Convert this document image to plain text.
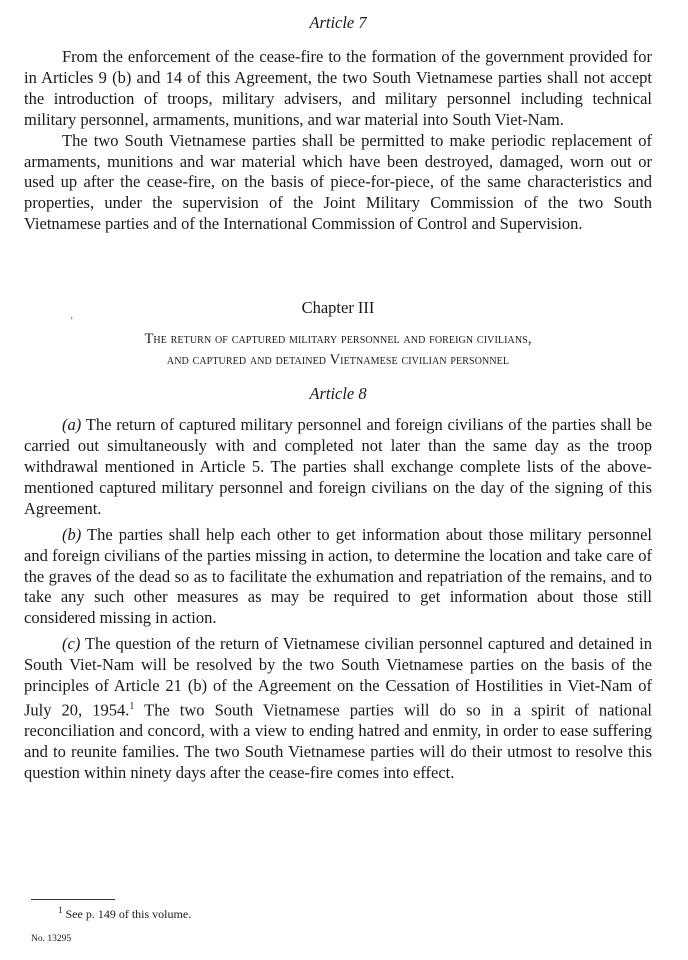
Article 7

From the enforcement of the cease-fire to the formation of the government provided for in Articles 9 (b) and 14 of this Agreement, the two South Vietnamese parties shall not accept the introduction of troops, military advisers, and military personnel including technical military personnel, armaments, munitions, and war material into South Viet-Nam.

The two South Vietnamese parties shall be permitted to make periodic replacement of armaments, munitions and war material which have been destroyed, damaged, worn out or used up after the cease-fire, on the basis of piece-for-piece, of the same characteristics and properties, under the supervision of the Joint Military Commission of the two South Vietnamese parties and of the International Commission of Control and Supervision.

Chapter III

The return of captured military personnel and foreign civilians,

and captured and detained Vietnamese civilian personnel

Article 8

(a) The return of captured military personnel and foreign civilians of the parties shall be carried out simultaneously with and completed not later than the same day as the troop withdrawal mentioned in Article 5. The parties shall exchange complete lists of the above-mentioned captured military personnel and foreign civilians on the day of the signing of this Agreement.

(b) The parties shall help each other to get information about those military personnel and foreign civilians of the parties missing in action, to determine the location and take care of the graves of the dead so as to facilitate the exhumation and repatriation of the remains, and to take any such other measures as may be required to get information about those still considered missing in action.

(c) The question of the return of Vietnamese civilian personnel captured and detained in South Viet-Nam will be resolved by the two South Vietnamese parties on the basis of the principles of Article 21 (b) of the Agreement on the Cessation of Hostilities in Viet-Nam of July 20, 1954.$^1$ The two South Vietnamese parties will do so in a spirit of national reconciliation and concord, with a view to ending hatred and enmity, in order to ease suffering and to reunite families. The two South Vietnamese parties will do their utmost to resolve this question within ninety days after the cease-fire comes into effect.

’

$^1$ See p. 149 of this volume.

No. 13295
